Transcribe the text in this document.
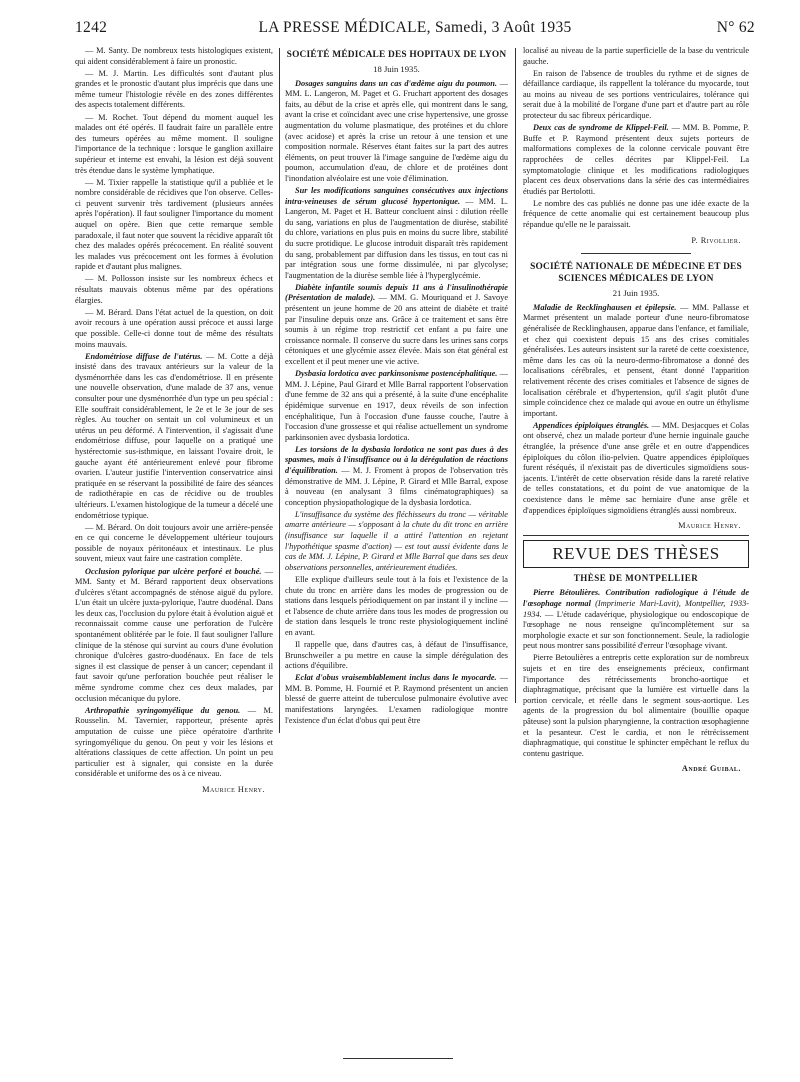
1242	LA PRESSE MÉDICALE, Samedi, 3 Août 1935	N° 62

— M. Santy. De nombreux tests histologiques existent, qui aident considérablement à faire un pronostic.

— M. J. Martin. Les difficultés sont d'autant plus grandes et le pronostic d'autant plus imprécis que dans une même tumeur l'histologie révèle en des zones différentes des aspects totalement différents.

— M. Rochet. Tout dépend du moment auquel les malades ont été opérés. Il faudrait faire un parallèle entre des tumeurs opérées au même moment. Il souligne l'importance de la technique : lorsque le ganglion axillaire supérieur et interne est envahi, la lésion est déjà souvent très étendue dans le système lymphatique.

— M. Tixier rappelle la statistique qu'il a publiée et le nombre considérable de récidives que l'on observe. Celles-ci peuvent survenir très tardivement (plusieurs années après l'opération). Il faut souligner l'importance du moment auquel on opère. Bien que cette remarque semble paradoxale, il faut noter que souvent la récidive apparaît tôt chez des malades opérés précocement. En réalité souvent les malades vus précocement ont les formes à évolution rapide et d'autant plus malignes.

— M. Pollosson insiste sur les nombreux échecs et résultats mauvais obtenus même par des opérations élargies.

— M. Bérard. Dans l'état actuel de la question, on doit avoir recours à une opération aussi précoce et aussi large que possible. Celle-ci donne tout de même des résultats moins mauvais.

Endométriose diffuse de l'utérus. — M. Cotte a déjà insisté dans des travaux antérieurs sur la valeur de la dysménorrhée dans les cas d'endométriose. Il en présente une nouvelle observation, d'une malade de 37 ans, venue consulter pour une dysménorrhée d'un type un peu spécial : Elle souffrait considérablement, le 2e et le 3e jour de ses règles. Au toucher on sentait un col volumineux et un utérus un peu déformé. A l'intervention, il s'agissait d'une endométriose diffuse, pour laquelle on a pratiqué une hystérectomie sus-isthmique, en laissant l'ovaire droit, le gauche ayant été antérieurement enlevé pour fibrome ovarien. L'auteur justifie l'intervention conservatrice ainsi pratiquée en se réservant la possibilité de faire des séances de radiothérapie en cas de récidive ou de troubles ultérieurs. L'examen histologique de la tumeur a décelé une endométriose typique.

— M. Bérard. On doit toujours avoir une arrière-pensée en ce qui concerne le développement ultérieur toujours possible de noyaux péritonéaux et intestinaux. Le plus souvent, mieux vaut faire une castration complète.

Occlusion pylorique par ulcère perforé et bouché. — MM. Santy et M. Bérard rapportent deux observations d'ulcères s'étant accompagnés de sténose aiguë du pylore. L'un était un ulcère juxta-pylorique, l'autre duodénal. Dans les deux cas, l'occlusion du pylore était à évolution aiguë et reconnaissait comme cause une perforation de l'ulcère spontanément oblitérée par le foie. Il faut souligner l'allure clinique de la sténose qui survint au cours d'une évolution chronique d'ulcères gastro-duodénaux. En face de tels signes il est classique de penser à un cancer; cependant il faut savoir qu'une perforation bouchée peut réaliser le même syndrome comme chez ces deux malades, par occlusion mécanique du pylore.

Arthropathie syringomyélique du genou. — M. Rousselin. M. Tavernier, rapporteur, présente après amputation de cuisse une pièce opératoire d'arthrite syringomyélique du genou. On peut y voir les lésions et altérations classiques de cette affection. Un point un peu particulier est à signaler, qui consiste en la durée considérable et uniforme des os à ce niveau.

Maurice Henry.

SOCIÉTÉ MÉDICALE DES HOPITAUX DE LYON

18 Juin 1935.

Dosages sanguins dans un cas d'œdème aigu du poumon. — MM. L. Langeron, M. Paget et G. Fruchart apportent des dosages faits, au début de la crise et après elle, qui montrent dans le sang, avant la crise et coïncidant avec une crise hypertensive, une grosse augmentation du volume plasmatique, des protéines et du chlore (avec acidose) et après la crise un retour à une tension et une composition normale. Réserves étant faites sur la part des autres éléments, on peut trouver là l'image sanguine de l'œdème aigu du poumon, accumulation d'eau, de chlore et de protéines dont l'inondation alvéolaire est une voie d'élimination.

Sur les modifications sanguines consécutives aux injections intra-veineuses de sérum glucosé hypertonique. — MM. L. Langeron, M. Paget et H. Batteur concluent ainsi : dilution réelle du sang, variations en plus de l'augmentation de diurèse, stabilité du chlore, variations en plus puis en moins du sucre libre, stabilité du sucre protidique. Le glucose introduit disparaît très rapidement du sang, probablement par diffusion dans les tissus, en tout cas ni par intégration sous une forme dissimulée, ni par glycolyse; l'augmentation de la diurèse semble liée à l'hyperglycémie.

Diabète infantile soumis depuis 11 ans à l'insulinothérapie (Présentation de malade). — MM. G. Mouriquand et J. Savoye présentent un jeune homme de 20 ans atteint de diabète et traité par l'insuline depuis onze ans. Grâce à ce traitement et sans être soumis à un régime trop restrictif cet enfant a pu faire une croissance normale. Il conserve du sucre dans les urines sans corps cétoniques et une glycémie assez élevée. Mais son état général est excellent et il peut mener une vie active.

Dysbasia lordotica avec parkinsonisme postencéphalitique. — MM. J. Lépine, Paul Girard et Mlle Barral rapportent l'observation d'une femme de 32 ans qui a présenté, à la suite d'une encéphalite épidémique survenue en 1917, deux réveils de son infection encéphalitique, l'un à l'occasion d'une fausse couche, l'autre à l'occasion d'une grossesse et qui réalise actuellement un syndrome parkinsonien avec dysbasia lordotica.

Les torsions de la dysbasia lordotica ne sont pas dues à des spasmes, mais à l'insuffisance ou à la dérégulation de réactions d'équilibration. — M. J. Froment à propos de l'observation très démonstrative de MM. J. Lépine, P. Girard et Mlle Barral, expose à nouveau (en analysant 3 films cinématographiques) sa conception physiopathologique de la dysbasia lordotica.

L'insuffisance du système des fléchisseurs du tronc — véritable amarre antérieure — s'opposant à la chute du dit tronc en arrière (insuffisance sur laquelle il a attiré l'attention en rejetant l'hypothétique spasme d'action) — est tout aussi évidente dans le cas de MM. J. Lépine, P. Girard et Mlle Barral que dans ses deux observations personnelles, antérieurement étudiées.

Elle explique d'ailleurs seule tout à la fois et l'existence de la chute du tronc en arrière dans les modes de progression ou de stations dans lesquels périodiquement on par instant il y incline — et l'absence de chute arrière dans tous les modes de progression ou de station dans lesquels le tronc reste physiologiquement incliné en avant.

Il rappelle que, dans d'autres cas, à défaut de l'insuffisance, Brunschweiler a pu mettre en cause la simple dérégulation des actions d'équilibre.

Eclat d'obus vraisemblablement inclus dans le myocarde. — MM. B. Pomme, H. Fournié et P. Raymond présentent un ancien blessé de guerre atteint de tuberculose pulmonaire évolutive avec manifestations laryngées. L'examen radiologique montre l'existence d'un éclat d'obus qui peut être

localisé au niveau de la partie superficielle de la base du ventricule gauche.

En raison de l'absence de troubles du rythme et de signes de défaillance cardiaque, ils rappellent la tolérance du myocarde, tout au moins au niveau de ses portions ventriculaires, tolérance qui serait due à la mobilité de l'organe d'une part et d'autre part au rôle protecteur du sac fibreux péricardique.

Deux cas de syndrome de Klippel-Feil. — MM. B. Pomme, P. Buffe et P. Raymond présentent deux sujets porteurs de malformations complexes de la colonne cervicale pouvant être rapprochées de celles décrites par Klippel-Feil. La symptomatologie clinique et les modifications radiologiques placent ces deux observations dans la série des cas intermédiaires étudiés par Bertolotti.

Le nombre des cas publiés ne donne pas une idée exacte de la fréquence de cette anomalie qui est certainement beaucoup plus répandue qu'elle ne le paraissait.

P. Rivollier.

SOCIÉTÉ NATIONALE DE MÉDECINE ET DES SCIENCES MÉDICALES DE LYON

21 Juin 1935.

Maladie de Recklinghausen et épilepsie. — MM. Pallasse et Marmet présentent un malade porteur d'une neuro-fibromatose généralisée de Recklinghausen, apparue dans l'enfance, et familiale, et chez qui coexistent depuis 15 ans des crises comitiales généralisées. Les auteurs insistent sur la rareté de cette coexistence, même dans les cas où la neuro-dermo-fibromatose a donné des localisations cérébrales, et pensent, étant donné l'apparition relativement récente des crises comitiales et l'absence de signes de localisation cérébrale et d'hypertension, qu'il s'agit plutôt d'une simple coïncidence chez ce malade qui avoue en outre un éthylisme important.

Appendices épiploïques étranglés. — MM. Desjacques et Colas ont observé, chez un malade porteur d'une hernie inguinale gauche étranglée, la présence d'une anse grêle et en outre d'appendices épiploïques du côlon ilio-pelvien. Quatre appendices épiploïques furent réséqués, il n'existait pas de diverticules sigmoïdiens sous-jacents. L'intérêt de cette observation réside dans la rareté relative de telles constatations, et du point de vue anatomique de la coexistence dans le même sac herniaire d'une anse grêle et d'appendices épiploïques sigmoïdiens étranglés aussi nombreux.

Maurice Henry.

REVUE DES THÈSES

THÈSE DE MONTPELLIER

Pierre Bétoulières. Contribution radiologique à l'étude de l'œsophage normal (Imprimerie Mari-Lavit), Montpellier, 1933-1934. — L'étude cadavérique, physiologique ou endoscopique de l'œsophage ne nous renseigne qu'incomplètement sur sa morphologie exacte et sur son fonctionnement. Seule, la radiologie peut nous montrer sans possibilité d'erreur l'œsophage vivant.

Pierre Betoulières a entrepris cette exploration sur de nombreux sujets et en tire des enseignements précieux, confirmant l'importance des rétrécissements broncho-aortique et diaphragmatique, précisant que la lumière est virtuelle dans la portion cervicale, et réelle dans le segment sous-aortique. Les agents de la progression du bol alimentaire (bouillie opaque pâteuse) sont la pulsion pharyngienne, la contraction œsophagienne et la pesanteur. C'est le cardia, et non le rétrécissement diaphragmatique, qui constitue le sphincter empêchant le reflux du contenu gastrique.

André Guibal.
